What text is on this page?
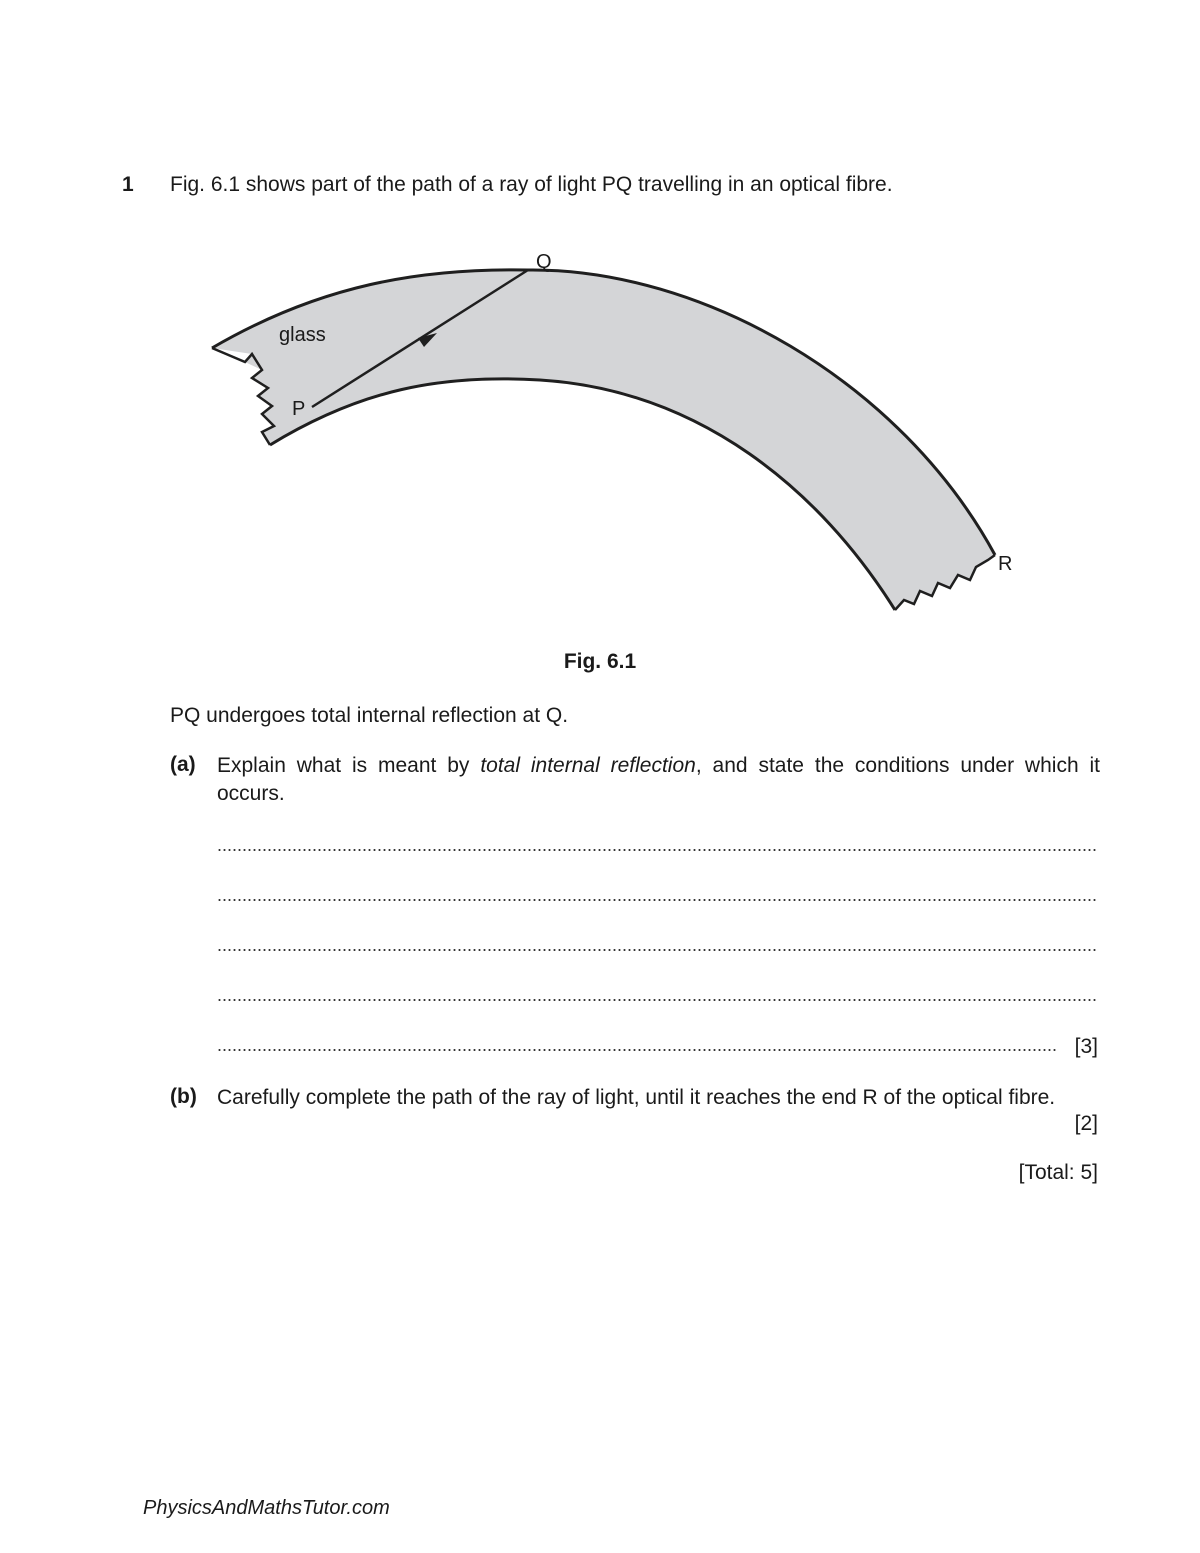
1 Fig. 6.1 shows part of the path of a ray of light PQ travelling in an optical fibre.
glass
P
Q
R
Fig. 6.1
PQ undergoes total internal reflection at Q.
(a) Explain what is meant by total internal reflection, and state the conditions under which it occurs.
[3]
(b) Carefully complete the path of the ray of light, until it reaches the end R of the optical fibre.
[2]
[Total: 5]
PhysicsAndMathsTutor.com
